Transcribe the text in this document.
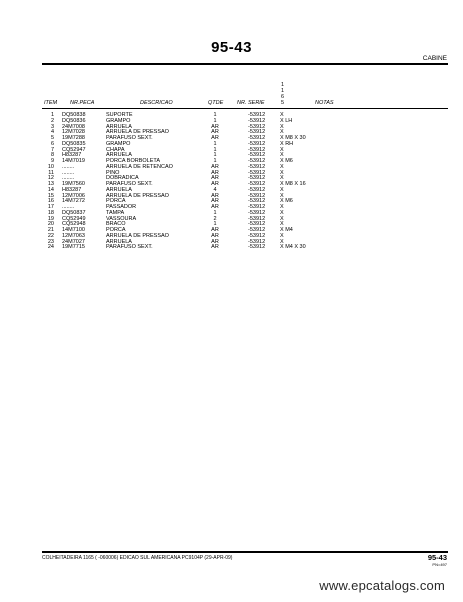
95-43
CABINE
1
1
6
5
ITEM NR.PECA	DESCRICAO	QTDE NR. SERIE	NOTAS
1 DQ50838	SUPORTE	1	-53912	X
2 DQ50836	GRAMPO	1	-53912	X LH
3 24M7008	ARRUELA	AR	-53912	X
4 12M7028	ARRUELA DE PRESSAO	AR	-53912	X
5 19M7288	PARAFUSO SEXT.	AR	-53912	X M8 X 30
6 DQ50835	GRAMPO	1	-53912	X RH
7 CQ52947	CHAPA	1	-53912	X
8 H83287	ARRUELA	1	-53912	X
9 14M7019	PORCA BORBOLETA	1	-53912	X M6
10 ........	ARRUELA DE RETENCAO	AR	-53912	X
11 ........	PINO	AR	-53912	X
12 ........	DOBRADICA	AR	-53912	X
13 19M7560	PARAFUSO SEXT.	AR	-53912	X M8 X 16
14 H83287	ARRUELA	4	-53912	X
15 12M7006	ARRUELA DE PRESSAO	AR	-53912	X
16 14M7272	PORCA	AR	-53912	X M6
17 ........	PASSADOR	AR	-53912	X
18 DQ50837	TAMPA	1	-53912	X
19 CQ52949	VASSOURA	2	-53912	X
20 CQ52948	BRACO	1	-53912	X
21 14M7100	PORCA	AR	-53912	X M4
22 12M7063	ARRUELA DE PRESSAO	AR	-53912	X
23 24M7027	ARRUELA	AR	-53912	X
24 19M7715	PARAFUSO SEXT.	AR	-53912	X M4 X 30
COLHEITADEIRA 1165 ( -060006) EDICAO SUL AMERICANA PC9104P (29-APR-09)	95-43
PN=497
www.epcatalogs.com
